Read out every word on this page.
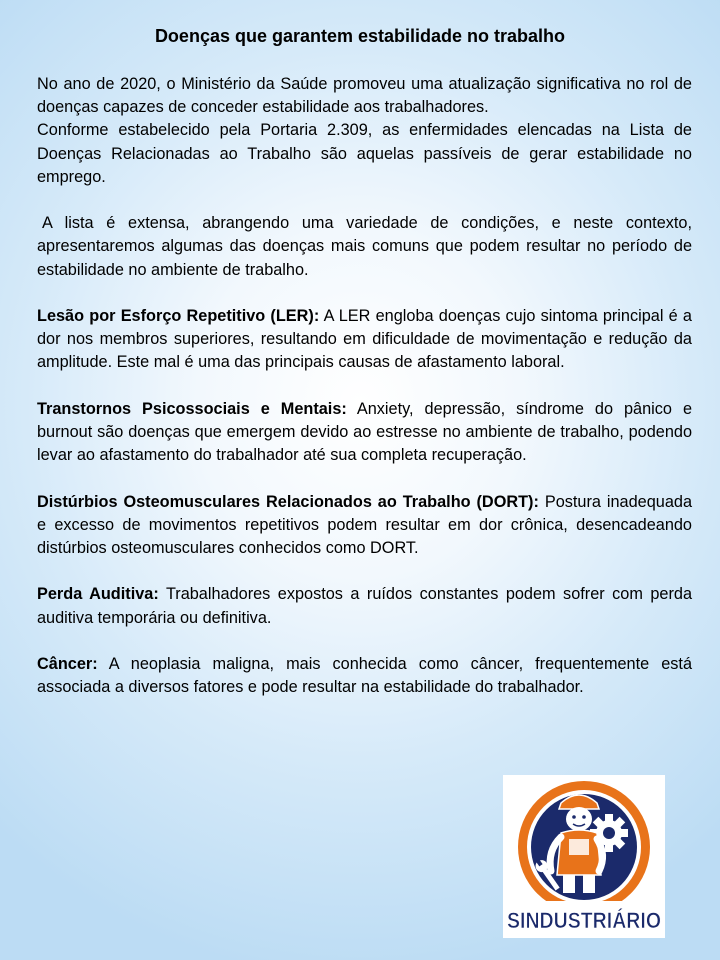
Doenças que garantem estabilidade no trabalho

No ano de 2020, o Ministério da Saúde promoveu uma atualização significativa no rol de doenças capazes de conceder estabilidade aos trabalhadores.

Conforme estabelecido pela Portaria 2.309, as enfermidades elencadas na Lista de Doenças Relacionadas ao Trabalho são aquelas passíveis de gerar estabilidade no emprego.

A lista é extensa, abrangendo uma variedade de condições, e neste contexto, apresentaremos algumas das doenças mais comuns que podem resultar no período de estabilidade no ambiente de trabalho.

Lesão por Esforço Repetitivo (LER): A LER engloba doenças cujo sintoma principal é a dor nos membros superiores, resultando em dificuldade de movimentação e redução da amplitude. Este mal é uma das principais causas de afastamento laboral.

Transtornos Psicossociais e Mentais: Anxiety, depressão, síndrome do pânico e burnout são doenças que emergem devido ao estresse no ambiente de trabalho, podendo levar ao afastamento do trabalhador até sua completa recuperação.

Distúrbios Osteomusculares Relacionados ao Trabalho (DORT): Postura inadequada e excesso de movimentos repetitivos podem resultar em dor crônica, desencadeando distúrbios osteomusculares conhecidos como DORT.

Perda Auditiva: Trabalhadores expostos a ruídos constantes podem sofrer com perda auditiva temporária ou definitiva.

Câncer: A neoplasia maligna, mais conhecida como câncer, frequentemente está associada a diversos fatores e pode resultar na estabilidade do trabalhador.

SINDUSTRIÁRIO
